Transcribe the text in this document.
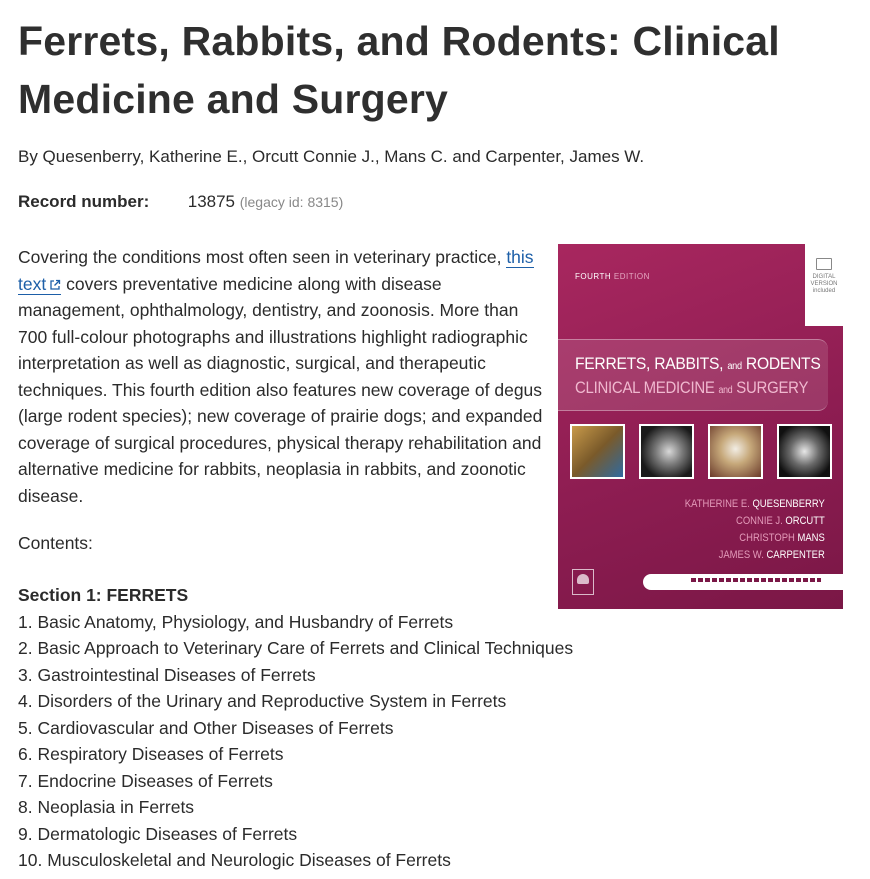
Ferrets, Rabbits, and Rodents: Clinical Medicine and Surgery
By Quesenberry, Katherine E., Orcutt Connie J., Mans C. and Carpenter, James W.
Record number: 13875 (legacy id: 8315)

Covering the conditions most often seen in veterinary practice, this text covers preventative medicine along with disease management, ophthalmology, dentistry, and zoonosis. More than 700 full-colour photographs and illustrations highlight radiographic interpretation as well as diagnostic, surgical, and therapeutic techniques. This fourth edition also features new coverage of degus (large rodent species); new coverage of prairie dogs; and expanded coverage of surgical procedures, physical therapy rehabilitation and alternative medicine for rabbits, neoplasia in rabbits, and zoonotic disease.

Contents:
Section 1: FERRETS
1. Basic Anatomy, Physiology, and Husbandry of Ferrets
2. Basic Approach to Veterinary Care of Ferrets and Clinical Techniques
3. Gastrointestinal Diseases of Ferrets
4. Disorders of the Urinary and Reproductive System in Ferrets
5. Cardiovascular and Other Diseases of Ferrets
6. Respiratory Diseases of Ferrets
7. Endocrine Diseases of Ferrets
8. Neoplasia in Ferrets
9. Dermatologic Diseases of Ferrets
10. Musculoskeletal and Neurologic Diseases of Ferrets
FOURTH EDITION	DIGITAL
VERSION
included
FERRETS, RABBITS, and RODENTS
CLINICAL MEDICINE and SURGERY
KATHERINE E. QUESENBERRY
CONNIE J. ORCUTT
CHRISTOPH MANS
JAMES W. CARPENTER
